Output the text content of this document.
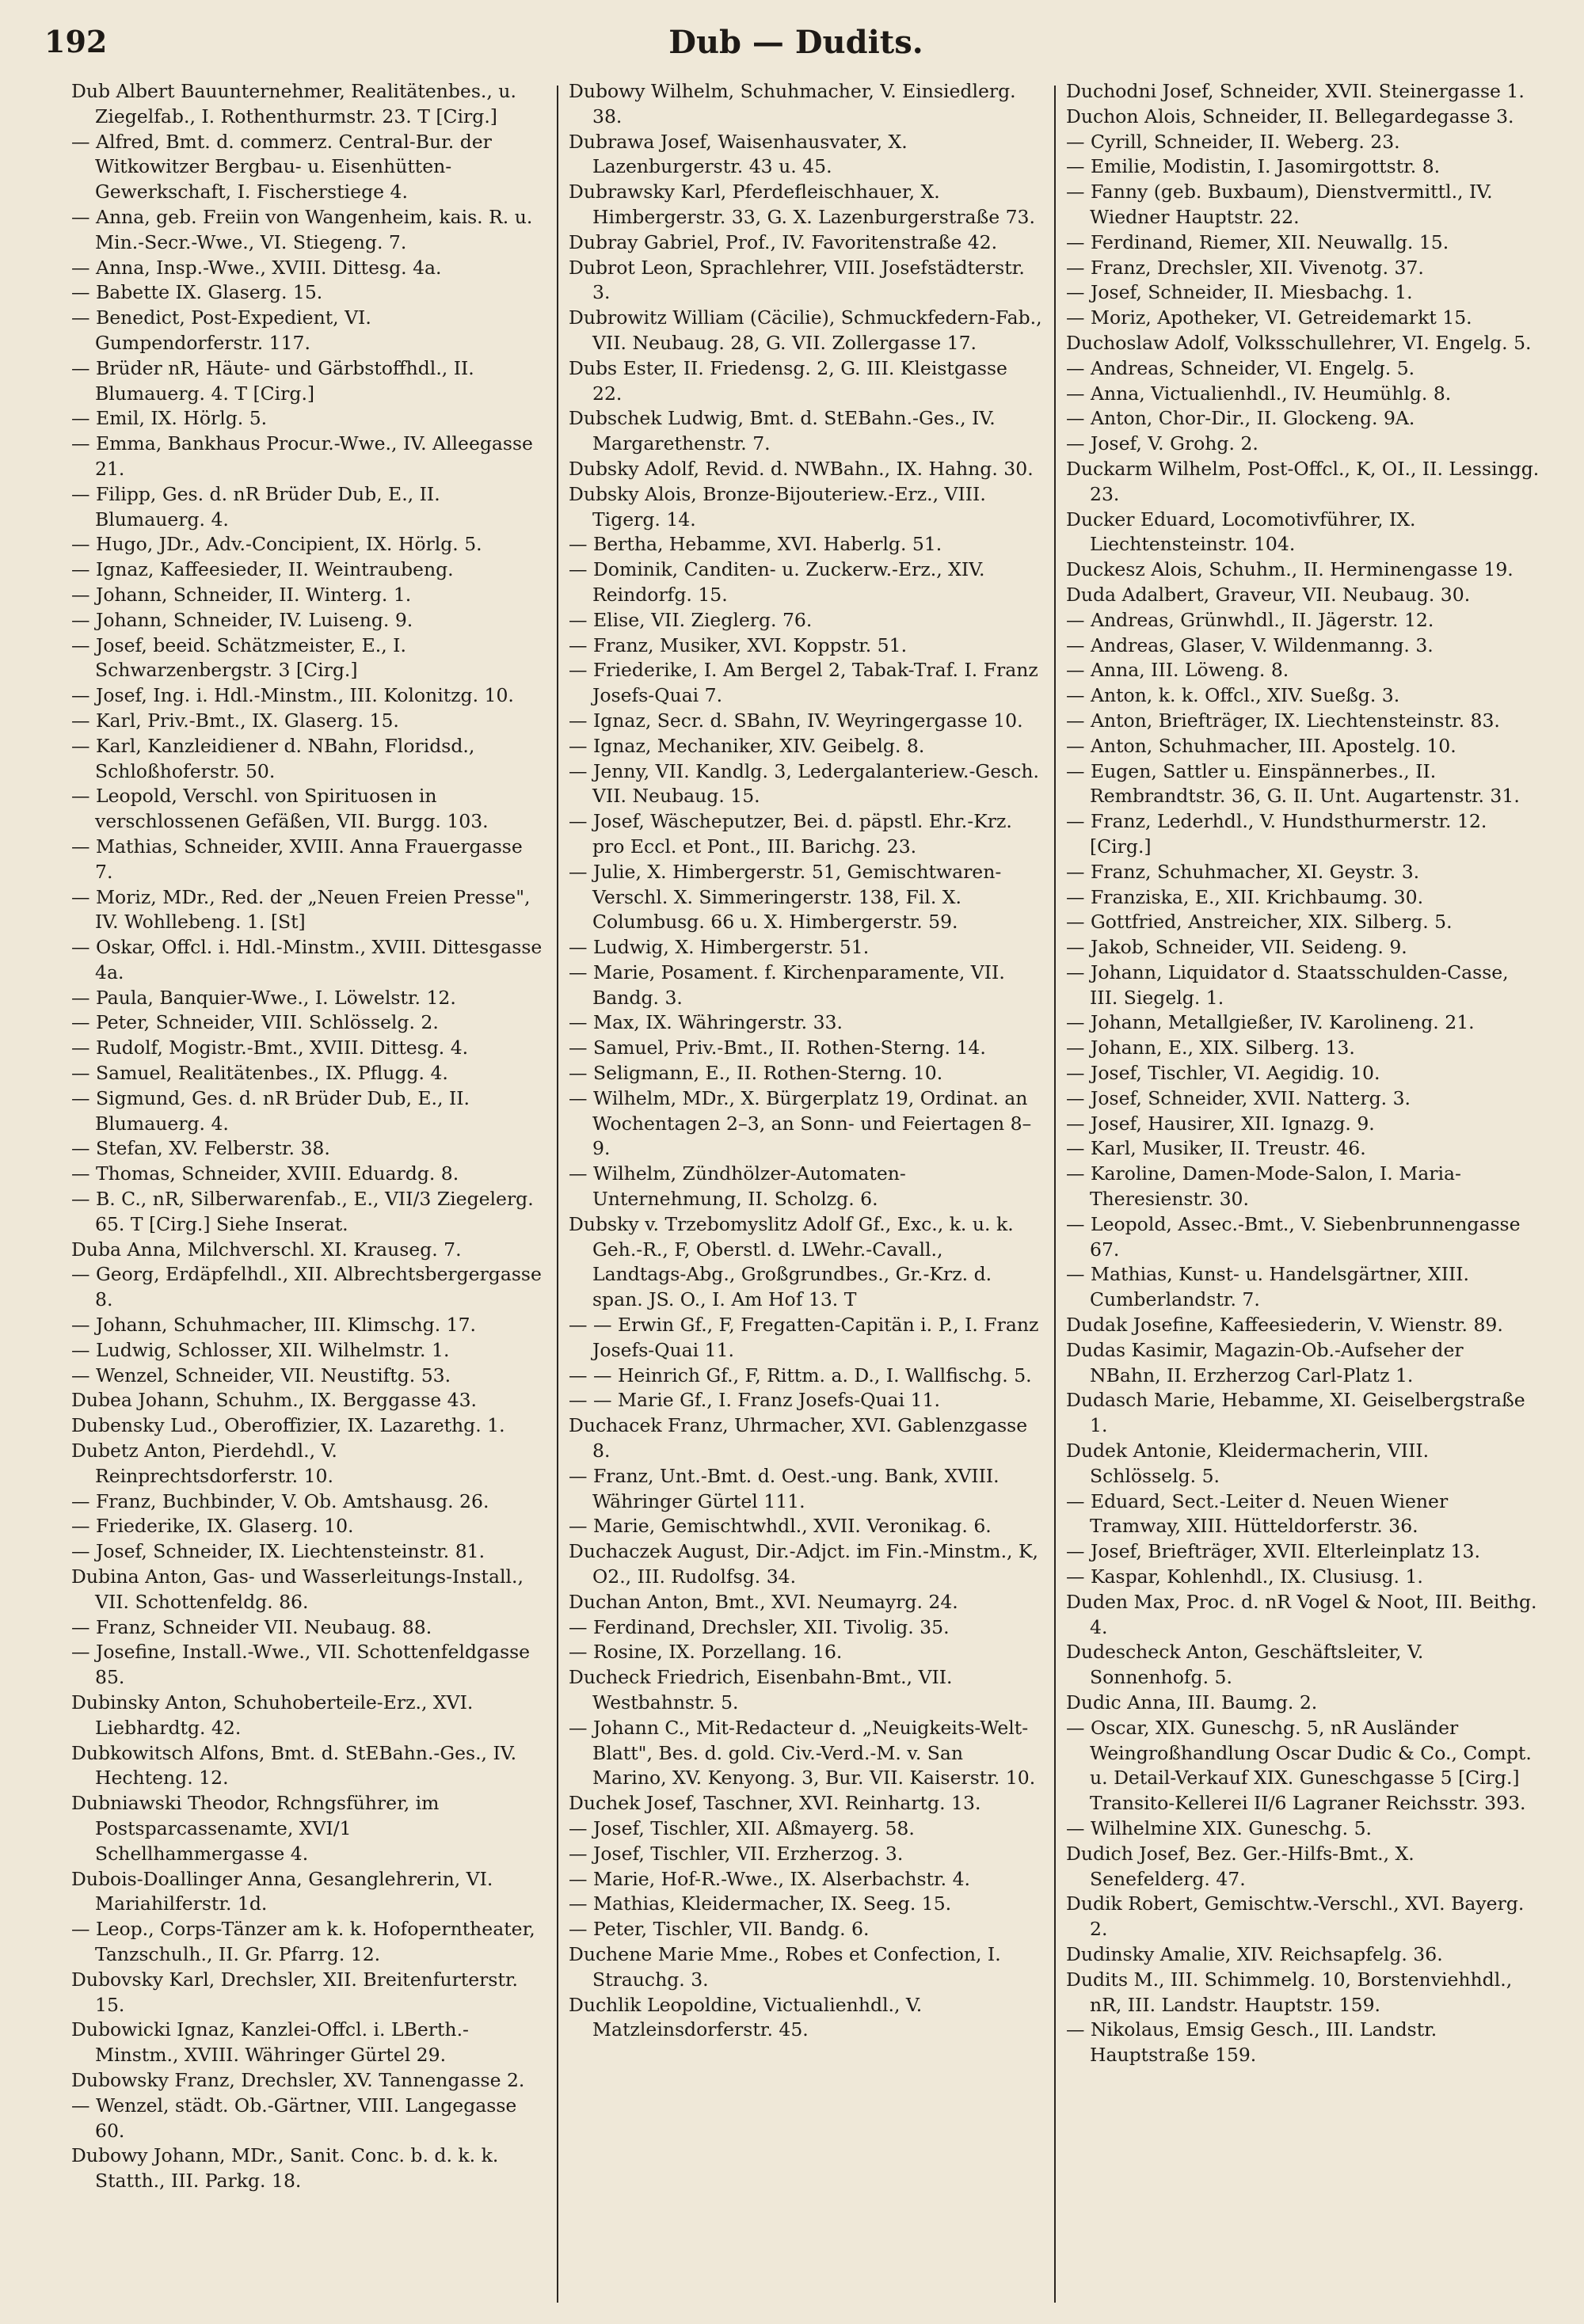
192	Dub — Dudits.
Dub Albert Bauunternehmer, Realitätenbes., u. Ziegelfab., I. Rothenthurmstr. 23. T [Cirg.]
— Alfred, Bmt. d. commerz. Central-Bur. der Witkowitzer Bergbau- u. Eisenhütten-Gewerkschaft, I. Fischerstiege 4.
— Anna, geb. Freiin von Wangenheim, kais. R. u. Min.-Secr.-Wwe., VI. Stiegeng. 7.
— Anna, Insp.-Wwe., XVIII. Dittesg. 4a.
— Babette IX. Glaserg. 15.
— Benedict, Post-Expedient, VI. Gumpendorferstr. 117.
— Brüder nR, Häute- und Gärbstoffhdl., II. Blumauerg. 4. T [Cirg.]
— Emil, IX. Hörlg. 5.
— Emma, Bankhaus Procur.-Wwe., IV. Alleegasse 21.
— Filipp, Ges. d. nR Brüder Dub, E., II. Blumauerg. 4.
— Hugo, JDr., Adv.-Concipient, IX. Hörlg. 5.
— Ignaz, Kaffeesieder, II. Weintraubeng.
— Johann, Schneider, II. Winterg. 1.
— Johann, Schneider, IV. Luiseng. 9.
— Josef, beeid. Schätzmeister, E., I. Schwarzenbergstr. 3 [Cirg.]
— Josef, Ing. i. Hdl.-Minstm., III. Kolonitzg. 10.
— Karl, Priv.-Bmt., IX. Glaserg. 15.
— Karl, Kanzleidiener d. NBahn, Floridsd., Schloßhoferstr. 50.
— Leopold, Verschl. von Spirituosen in verschlossenen Gefäßen, VII. Burgg. 103.
— Mathias, Schneider, XVIII. Anna Frauergasse 7.
— Moriz, MDr., Red. der „Neuen Freien Presse", IV. Wohllebeng. 1. [St]
— Oskar, Offcl. i. Hdl.-Minstm., XVIII. Dittesgasse 4a.
— Paula, Banquier-Wwe., I. Löwelstr. 12.
— Peter, Schneider, VIII. Schlösselg. 2.
— Rudolf, Mogistr.-Bmt., XVIII. Dittesg. 4.
— Samuel, Realitätenbes., IX. Pflugg. 4.
— Sigmund, Ges. d. nR Brüder Dub, E., II. Blumauerg. 4.
— Stefan, XV. Felberstr. 38.
— Thomas, Schneider, XVIII. Eduardg. 8.
— B. C., nR, Silberwarenfab., E., VII/3 Ziegelerg. 65. T [Cirg.] Siehe Inserat.
Duba Anna, Milchverschl. XI. Krauseg. 7.
— Georg, Erdäpfelhdl., XII. Albrechtsbergergasse 8.
— Johann, Schuhmacher, III. Klimschg. 17.
— Ludwig, Schlosser, XII. Wilhelmstr. 1.
— Wenzel, Schneider, VII. Neustiftg. 53.
Dubea Johann, Schuhm., IX. Berggasse 43.
Dubensky Lud., Oberoffizier, IX. Lazarethg. 1.
Dubetz Anton, Pierdehdl., V. Reinprechtsdorferstr. 10.
— Franz, Buchbinder, V. Ob. Amtshausg. 26.
— Friederike, IX. Glaserg. 10.
— Josef, Schneider, IX. Liechtensteinstr. 81.
Dubina Anton, Gas- und Wasserleitungs-Install., VII. Schottenfeldg. 86.
— Franz, Schneider VII. Neubaug. 88.
— Josefine, Install.-Wwe., VII. Schottenfeldgasse 85.
Dubinsky Anton, Schuhoberteile-Erz., XVI. Liebhardtg. 42.
Dubkowitsch Alfons, Bmt. d. StEBahn.-Ges., IV. Hechteng. 12.
Dubniawski Theodor, Rchngsführer, im Postsparcassenamte, XVI/1 Schellhammergasse 4.
Dubois-Doallinger Anna, Gesanglehrerin, VI. Mariahilferstr. 1d.
— Leop., Corps-Tänzer am k. k. Hofoperntheater, Tanzschulh., II. Gr. Pfarrg. 12.
Dubovsky Karl, Drechsler, XII. Breitenfurterstr. 15.
Dubowicki Ignaz, Kanzlei-Offcl. i. LBerth.-Minstm., XVIII. Währinger Gürtel 29.
Dubowsky Franz, Drechsler, XV. Tannengasse 2.
— Wenzel, städt. Ob.-Gärtner, VIII. Langegasse 60.
Dubowy Johann, MDr., Sanit. Conc. b. d. k. k. Statth., III. Parkg. 18.
Dubowy Wilhelm, Schuhmacher, V. Einsiedlerg. 38.
Dubrawa Josef, Waisenhausvater, X. Lazenburgerstr. 43 u. 45.
Dubrawsky Karl, Pferdefleischhauer, X. Himbergerstr. 33, G. X. Lazenburgerstraße 73.
Dubray Gabriel, Prof., IV. Favoritenstraße 42.
Dubrot Leon, Sprachlehrer, VIII. Josefstädterstr. 3.
Dubrowitz William (Cäcilie), Schmuckfedern-Fab., VII. Neubaug. 28, G. VII. Zollergasse 17.
Dubs Ester, II. Friedensg. 2, G. III. Kleistgasse 22.
Dubschek Ludwig, Bmt. d. StEBahn.-Ges., IV. Margarethenstr. 7.
Dubsky Adolf, Revid. d. NWBahn., IX. Hahng. 30.
Dubsky Alois, Bronze-Bijouteriew.-Erz., VIII. Tigerg. 14.
— Bertha, Hebamme, XVI. Haberlg. 51.
— Dominik, Canditen- u. Zuckerw.-Erz., XIV. Reindorfg. 15.
— Elise, VII. Zieglerg. 76.
— Franz, Musiker, XVI. Koppstr. 51.
— Friederike, I. Am Bergel 2, Tabak-Traf. I. Franz Josefs-Quai 7.
— Ignaz, Secr. d. SBahn, IV. Weyringergasse 10.
— Ignaz, Mechaniker, XIV. Geibelg. 8.
— Jenny, VII. Kandlg. 3, Ledergalanteriew.-Gesch. VII. Neubaug. 15.
— Josef, Wäscheputzer, Bei. d. päpstl. Ehr.-Krz. pro Eccl. et Pont., III. Barichg. 23.
— Julie, X. Himbergerstr. 51, Gemischtwaren-Verschl. X. Simmeringerstr. 138, Fil. X. Columbusg. 66 u. X. Himbergerstr. 59.
— Ludwig, X. Himbergerstr. 51.
— Marie, Posament. f. Kirchenparamente, VII. Bandg. 3.
— Max, IX. Währingerstr. 33.
— Samuel, Priv.-Bmt., II. Rothen-Sterng. 14.
— Seligmann, E., II. Rothen-Sterng. 10.
— Wilhelm, MDr., X. Bürgerplatz 19, Ordinat. an Wochentagen 2–3, an Sonn- und Feiertagen 8–9.
— Wilhelm, Zündhölzer-Automaten-Unternehmung, II. Scholzg. 6.
Dubsky v. Trzebomyslitz Adolf Gf., Exc., k. u. k. Geh.-R., F, Oberstl. d. LWehr.-Cavall., Landtags-Abg., Großgrundbes., Gr.-Krz. d. span. JS. O., I. Am Hof 13. T
— — Erwin Gf., F, Fregatten-Capitän i. P., I. Franz Josefs-Quai 11.
— — Heinrich Gf., F, Rittm. a. D., I. Wallfischg. 5.
— — Marie Gf., I. Franz Josefs-Quai 11.
Duchacek Franz, Uhrmacher, XVI. Gablenzgasse 8.
— Franz, Unt.-Bmt. d. Oest.-ung. Bank, XVIII. Währinger Gürtel 111.
— Marie, Gemischtwhdl., XVII. Veronikag. 6.
Duchaczek August, Dir.-Adjct. im Fin.-Minstm., K, O2., III. Rudolfsg. 34.
Duchan Anton, Bmt., XVI. Neumayrg. 24.
— Ferdinand, Drechsler, XII. Tivolig. 35.
— Rosine, IX. Porzellang. 16.
Ducheck Friedrich, Eisenbahn-Bmt., VII. Westbahnstr. 5.
— Johann C., Mit-Redacteur d. „Neuigkeits-Welt-Blatt", Bes. d. gold. Civ.-Verd.-M. v. San Marino, XV. Kenyong. 3, Bur. VII. Kaiserstr. 10.
Duchek Josef, Taschner, XVI. Reinhartg. 13.
— Josef, Tischler, XII. Aßmayerg. 58.
— Josef, Tischler, VII. Erzherzog. 3.
— Marie, Hof-R.-Wwe., IX. Alserbachstr. 4.
— Mathias, Kleidermacher, IX. Seeg. 15.
— Peter, Tischler, VII. Bandg. 6.
Duchene Marie Mme., Robes et Confection, I. Strauchg. 3.
Duchlik Leopoldine, Victualienhdl., V. Matzleinsdorferstr. 45.
Duchodni Josef, Schneider, XVII. Steinergasse 1.
Duchon Alois, Schneider, II. Bellegardegasse 3.
— Cyrill, Schneider, II. Weberg. 23.
— Emilie, Modistin, I. Jasomirgottstr. 8.
— Fanny (geb. Buxbaum), Dienstvermittl., IV. Wiedner Hauptstr. 22.
— Ferdinand, Riemer, XII. Neuwallg. 15.
— Franz, Drechsler, XII. Vivenotg. 37.
— Josef, Schneider, II. Miesbachg. 1.
— Moriz, Apotheker, VI. Getreidemarkt 15.
Duchoslaw Adolf, Volksschullehrer, VI. Engelg. 5.
— Andreas, Schneider, VI. Engelg. 5.
— Anna, Victualienhdl., IV. Heumühlg. 8.
— Anton, Chor-Dir., II. Glockeng. 9A.
— Josef, V. Grohg. 2.
Duckarm Wilhelm, Post-Offcl., K, OI., II. Lessingg. 23.
Ducker Eduard, Locomotivführer, IX. Liechtensteinstr. 104.
Duckesz Alois, Schuhm., II. Herminengasse 19.
Duda Adalbert, Graveur, VII. Neubaug. 30.
— Andreas, Grünwhdl., II. Jägerstr. 12.
— Andreas, Glaser, V. Wildenmanng. 3.
— Anna, III. Löweng. 8.
— Anton, k. k. Offcl., XIV. Sueßg. 3.
— Anton, Briefträger, IX. Liechtensteinstr. 83.
— Anton, Schuhmacher, III. Apostelg. 10.
— Eugen, Sattler u. Einspännerbes., II. Rembrandtstr. 36, G. II. Unt. Augartenstr. 31.
— Franz, Lederhdl., V. Hundsthurmerstr. 12. [Cirg.]
— Franz, Schuhmacher, XI. Geystr. 3.
— Franziska, E., XII. Krichbaumg. 30.
— Gottfried, Anstreicher, XIX. Silberg. 5.
— Jakob, Schneider, VII. Seideng. 9.
— Johann, Liquidator d. Staatsschulden-Casse, III. Siegelg. 1.
— Johann, Metallgießer, IV. Karolineng. 21.
— Johann, E., XIX. Silberg. 13.
— Josef, Tischler, VI. Aegidig. 10.
— Josef, Schneider, XVII. Natterg. 3.
— Josef, Hausirer, XII. Ignazg. 9.
— Karl, Musiker, II. Treustr. 46.
— Karoline, Damen-Mode-Salon, I. Maria-Theresienstr. 30.
— Leopold, Assec.-Bmt., V. Siebenbrunnengasse 67.
— Mathias, Kunst- u. Handelsgärtner, XIII. Cumberlandstr. 7.
Dudak Josefine, Kaffeesiederin, V. Wienstr. 89.
Dudas Kasimir, Magazin-Ob.-Aufseher der NBahn, II. Erzherzog Carl-Platz 1.
Dudasch Marie, Hebamme, XI. Geiselbergstraße 1.
Dudek Antonie, Kleidermacherin, VIII. Schlösselg. 5.
— Eduard, Sect.-Leiter d. Neuen Wiener Tramway, XIII. Hütteldorferstr. 36.
— Josef, Briefträger, XVII. Elterleinplatz 13.
— Kaspar, Kohlenhdl., IX. Clusiusg. 1.
Duden Max, Proc. d. nR Vogel & Noot, III. Beithg. 4.
Dudescheck Anton, Geschäftsleiter, V. Sonnenhofg. 5.
Dudic Anna, III. Baumg. 2.
— Oscar, XIX. Guneschg. 5, nR Ausländer Weingroßhandlung Oscar Dudic & Co., Compt. u. Detail-Verkauf XIX. Guneschgasse 5 [Cirg.] Transito-Kellerei II/6 Lagraner Reichsstr. 393.
— Wilhelmine XIX. Guneschg. 5.
Dudich Josef, Bez. Ger.-Hilfs-Bmt., X. Senefelderg. 47.
Dudik Robert, Gemischtw.-Verschl., XVI. Bayerg. 2.
Dudinsky Amalie, XIV. Reichsapfelg. 36.
Dudits M., III. Schimmelg. 10, Borstenviehhdl., nR, III. Landstr. Hauptstr. 159.
— Nikolaus, Emsig Gesch., III. Landstr. Hauptstraße 159.
